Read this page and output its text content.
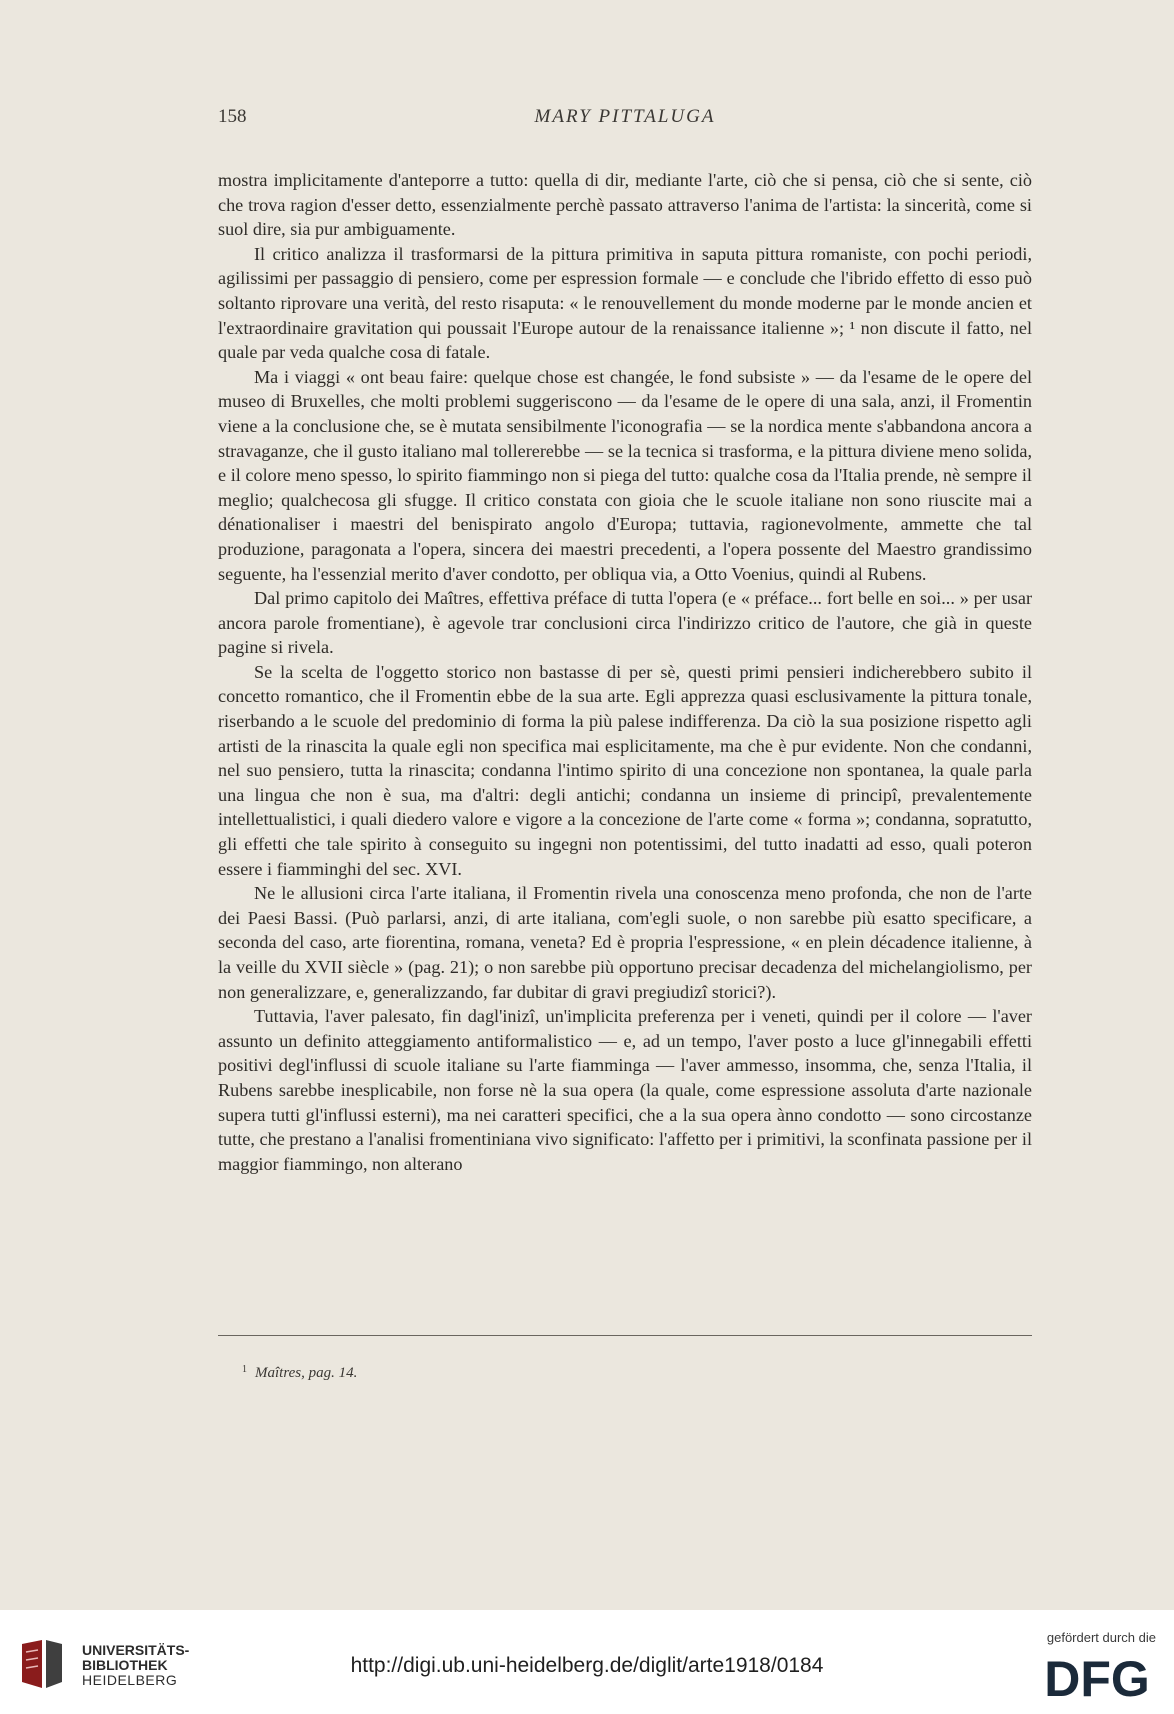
158	MARY PITTALUGA

mostra implicitamente d'anteporre a tutto: quella di dir, mediante l'arte, ciò che si pensa, ciò che si sente, ciò che trova ragion d'esser detto, essenzialmente perchè passato attraverso l'anima de l'artista: la sincerità, come si suol dire, sia pur ambiguamente.

Il critico analizza il trasformarsi de la pittura primitiva in saputa pittura romaniste, con pochi periodi, agilissimi per passaggio di pensiero, come per espression formale — e conclude che l'ibrido effetto di esso può soltanto riprovare una verità, del resto risaputa: « le renouvellement du monde moderne par le monde ancien et l'extraordinaire gravitation qui poussait l'Europe autour de la renaissance italienne »; ¹ non discute il fatto, nel quale par veda qualche cosa di fatale.

Ma i viaggi « ont beau faire: quelque chose est changée, le fond subsiste » — da l'esame de le opere del museo di Bruxelles, che molti problemi suggeriscono — da l'esame de le opere di una sala, anzi, il Fromentin viene a la conclusione che, se è mutata sensibilmente l'iconografia — se la nordica mente s'abbandona ancora a stravaganze, che il gusto italiano mal tollererebbe — se la tecnica si trasforma, e la pittura diviene meno solida, e il colore meno spesso, lo spirito fiammingo non si piega del tutto: qualche cosa da l'Italia prende, nè sempre il meglio; qualchecosa gli sfugge. Il critico constata con gioia che le scuole italiane non sono riuscite mai a dénationaliser i maestri del benispirato angolo d'Europa; tuttavia, ragionevolmente, ammette che tal produzione, paragonata a l'opera, sincera dei maestri precedenti, a l'opera possente del Maestro grandissimo seguente, ha l'essenzial merito d'aver condotto, per obliqua via, a Otto Voenius, quindi al Rubens.

Dal primo capitolo dei Maîtres, effettiva préface di tutta l'opera (e « préface... fort belle en soi... » per usar ancora parole fromentiane), è agevole trar conclusioni circa l'indirizzo critico de l'autore, che già in queste pagine si rivela.

Se la scelta de l'oggetto storico non bastasse di per sè, questi primi pensieri indicherebbero subito il concetto romantico, che il Fromentin ebbe de la sua arte. Egli apprezza quasi esclusivamente la pittura tonale, riserbando a le scuole del predominio di forma la più palese indifferenza. Da ciò la sua posizione rispetto agli artisti de la rinascita la quale egli non specifica mai esplicitamente, ma che è pur evidente. Non che condanni, nel suo pensiero, tutta la rinascita; condanna l'intimo spirito di una concezione non spontanea, la quale parla una lingua che non è sua, ma d'altri: degli antichi; condanna un insieme di principî, prevalentemente intellettualistici, i quali diedero valore e vigore a la concezione de l'arte come « forma »; condanna, sopratutto, gli effetti che tale spirito à conseguito su ingegni non potentissimi, del tutto inadatti ad esso, quali poteron essere i fiamminghi del sec. XVI.

Ne le allusioni circa l'arte italiana, il Fromentin rivela una conoscenza meno profonda, che non de l'arte dei Paesi Bassi. (Può parlarsi, anzi, di arte italiana, com'egli suole, o non sarebbe più esatto specificare, a seconda del caso, arte fiorentina, romana, veneta? Ed è propria l'espressione, « en plein décadence italienne, à la veille du XVII siècle » (pag. 21); o non sarebbe più opportuno precisar decadenza del michelangiolismo, per non generalizzare, e, generalizzando, far dubitar di gravi pregiudizî storici?).

Tuttavia, l'aver palesato, fin dagl'inizî, un'implicita preferenza per i veneti, quindi per il colore — l'aver assunto un definito atteggiamento antiformalistico — e, ad un tempo, l'aver posto a luce gl'innegabili effetti positivi degl'influssi di scuole italiane su l'arte fiamminga — l'aver ammesso, insomma, che, senza l'Italia, il Rubens sarebbe inesplicabile, non forse nè la sua opera (la quale, come espressione assoluta d'arte nazionale supera tutti gl'influssi esterni), ma nei caratteri specifici, che a la sua opera ànno condotto — sono circostanze tutte, che prestano a l'analisi fromentiniana vivo significato: l'affetto per i primitivi, la sconfinata passione per il maggior fiammingo, non alterano

$^1$ Maîtres, pag. 14.
UNIVERSITÄTS-
BIBLIOTHEK
HEIDELBERG
http://digi.ub.uni-heidelberg.de/diglit/arte1918/0184
gefördert durch die
DFG
